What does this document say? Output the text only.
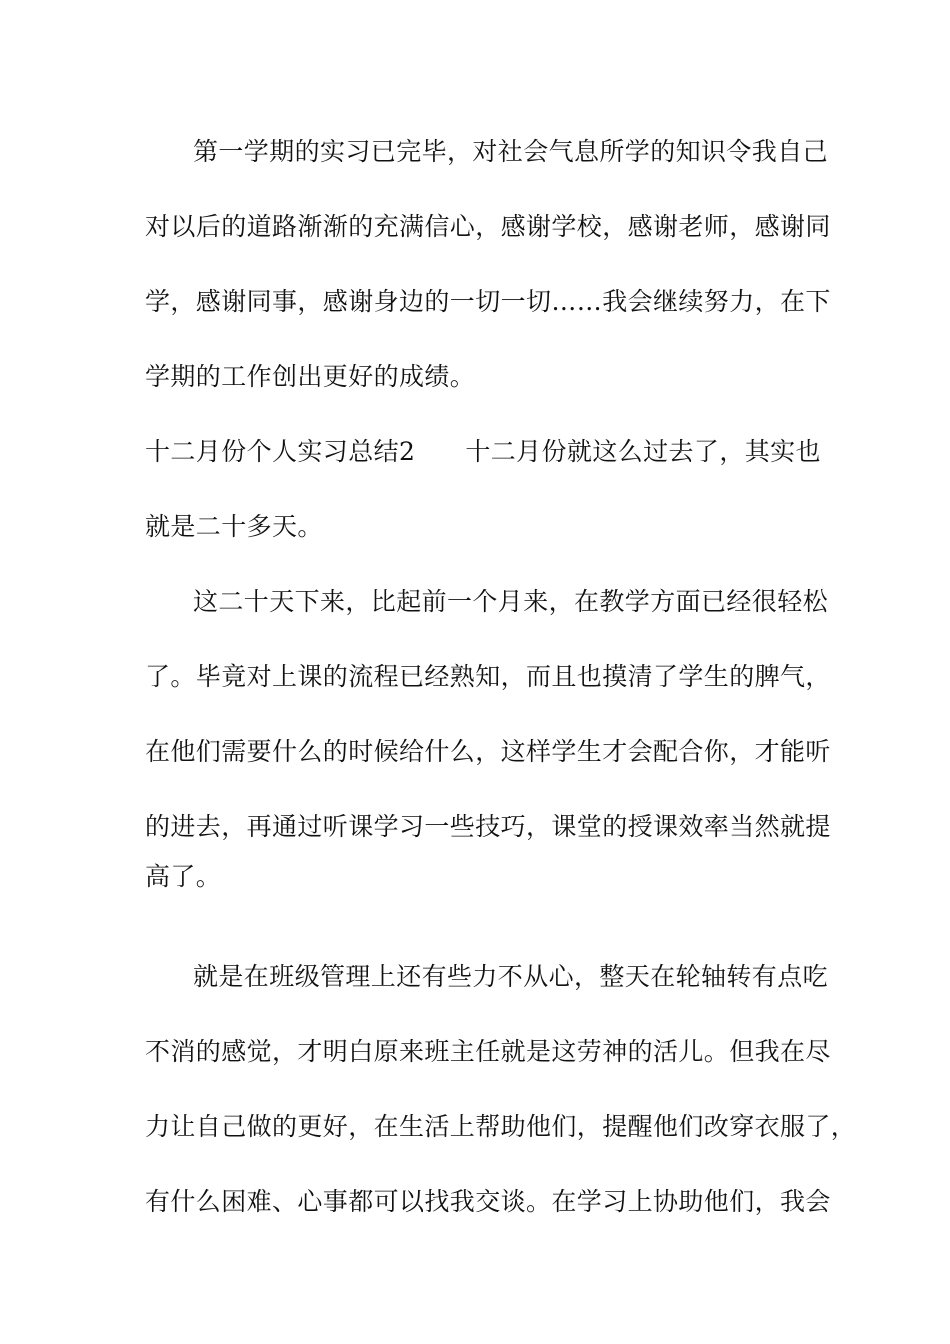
第一学期的实习已完毕，对社会气息所学的知识令我自己
对以后的道路渐渐的充满信心，感谢学校，感谢老师，感谢同
学，感谢同事，感谢身边的一切一切……我会继续努力，在下
学期的工作创出更好的成绩。
十二月份个人实习总结2 十二月份就这么过去了，其实也
就是二十多天。
这二十天下来，比起前一个月来，在教学方面已经很轻松
了。毕竟对上课的流程已经熟知，而且也摸清了学生的脾气，
在他们需要什么的时候给什么，这样学生才会配合你，才能听
的进去，再通过听课学习一些技巧，课堂的授课效率当然就提
高了。
就是在班级管理上还有些力不从心，整天在轮轴转有点吃
不消的感觉，才明白原来班主任就是这劳神的活儿。但我在尽
力让自己做的更好，在生活上帮助他们，提醒他们改穿衣服了，
有什么困难、心事都可以找我交谈。在学习上协助他们，我会
